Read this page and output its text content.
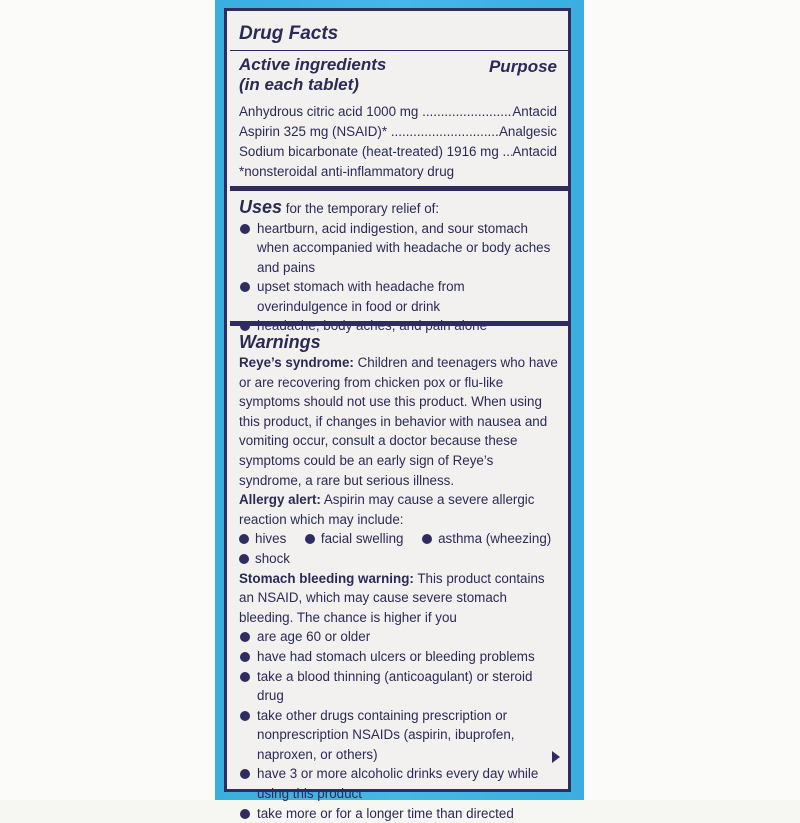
Drug Facts
Active ingredients
(in each tablet)
Purpose
Anhydrous citric acid 1000 mg .....	Antacid
Aspirin 325 mg (NSAID)* .....	Analgesic
Sodium bicarbonate (heat-treated) 1916 mg .....	Antacid
*nonsteroidal anti-inflammatory drug
Uses for the temporary relief of:
heartburn, acid indigestion, and sour stomach when accompanied with headache or body aches and pains
upset stomach with headache from overindulgence in food or drink
Warnings
Reye’s syndrome: Children and teenagers who have or are recovering from chicken pox or flu-like symptoms should not use this product. When using this product, if changes in behavior with nausea and vomiting occur, consult a doctor because these symptoms could be an early sign of Reye’s syndrome, a rare but serious illness.
Allergy alert: Aspirin may cause a severe allergic reaction which may include:
hives	facial swelling	asthma (wheezing)
shock
Stomach bleeding warning: This product contains an NSAID, which may cause severe stomach bleeding. The chance is higher if you
are age 60 or older
have had stomach ulcers or bleeding problems
take a blood thinning (anticoagulant) or steroid drug
take other drugs containing prescription or nonprescription NSAIDs (aspirin, ibuprofen, naproxen, or others)
have 3 or more alcoholic drinks every day while using this product
take more or for a longer time than directed
